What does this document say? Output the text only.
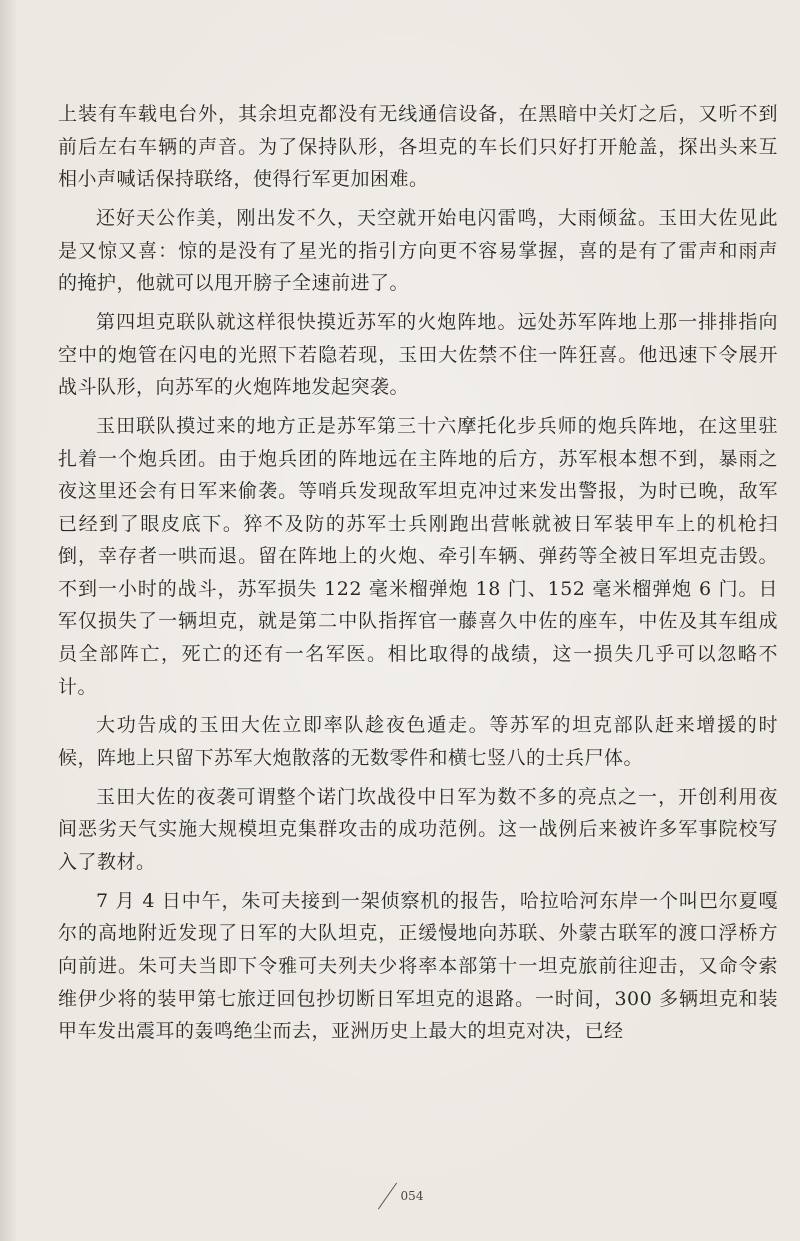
上装有车载电台外，其余坦克都没有无线通信设备，在黑暗中关灯之后，又听不到前后左右车辆的声音。为了保持队形，各坦克的车长们只好打开舱盖，探出头来互相小声喊话保持联络，使得行军更加困难。

还好天公作美，刚出发不久，天空就开始电闪雷鸣，大雨倾盆。玉田大佐见此是又惊又喜：惊的是没有了星光的指引方向更不容易掌握，喜的是有了雷声和雨声的掩护，他就可以甩开膀子全速前进了。

第四坦克联队就这样很快摸近苏军的火炮阵地。远处苏军阵地上那一排排指向空中的炮管在闪电的光照下若隐若现，玉田大佐禁不住一阵狂喜。他迅速下令展开战斗队形，向苏军的火炮阵地发起突袭。

玉田联队摸过来的地方正是苏军第三十六摩托化步兵师的炮兵阵地，在这里驻扎着一个炮兵团。由于炮兵团的阵地远在主阵地的后方，苏军根本想不到，暴雨之夜这里还会有日军来偷袭。等哨兵发现敌军坦克冲过来发出警报，为时已晚，敌军已经到了眼皮底下。猝不及防的苏军士兵刚跑出营帐就被日军装甲车上的机枪扫倒，幸存者一哄而退。留在阵地上的火炮、牵引车辆、弹药等全被日军坦克击毁。不到一小时的战斗，苏军损失 122 毫米榴弹炮 18 门、152 毫米榴弹炮 6 门。日军仅损失了一辆坦克，就是第二中队指挥官一藤喜久中佐的座车，中佐及其车组成员全部阵亡，死亡的还有一名军医。相比取得的战绩，这一损失几乎可以忽略不计。

大功告成的玉田大佐立即率队趁夜色遁走。等苏军的坦克部队赶来增援的时候，阵地上只留下苏军大炮散落的无数零件和横七竖八的士兵尸体。

玉田大佐的夜袭可谓整个诺门坎战役中日军为数不多的亮点之一，开创利用夜间恶劣天气实施大规模坦克集群攻击的成功范例。这一战例后来被许多军事院校写入了教材。

7 月 4 日中午，朱可夫接到一架侦察机的报告，哈拉哈河东岸一个叫巴尔夏嘎尔的高地附近发现了日军的大队坦克，正缓慢地向苏联、外蒙古联军的渡口浮桥方向前进。朱可夫当即下令雅可夫列夫少将率本部第十一坦克旅前往迎击，又命令索维伊少将的装甲第七旅迂回包抄切断日军坦克的退路。一时间，300 多辆坦克和装甲车发出震耳的轰鸣绝尘而去，亚洲历史上最大的坦克对决，已经

054
